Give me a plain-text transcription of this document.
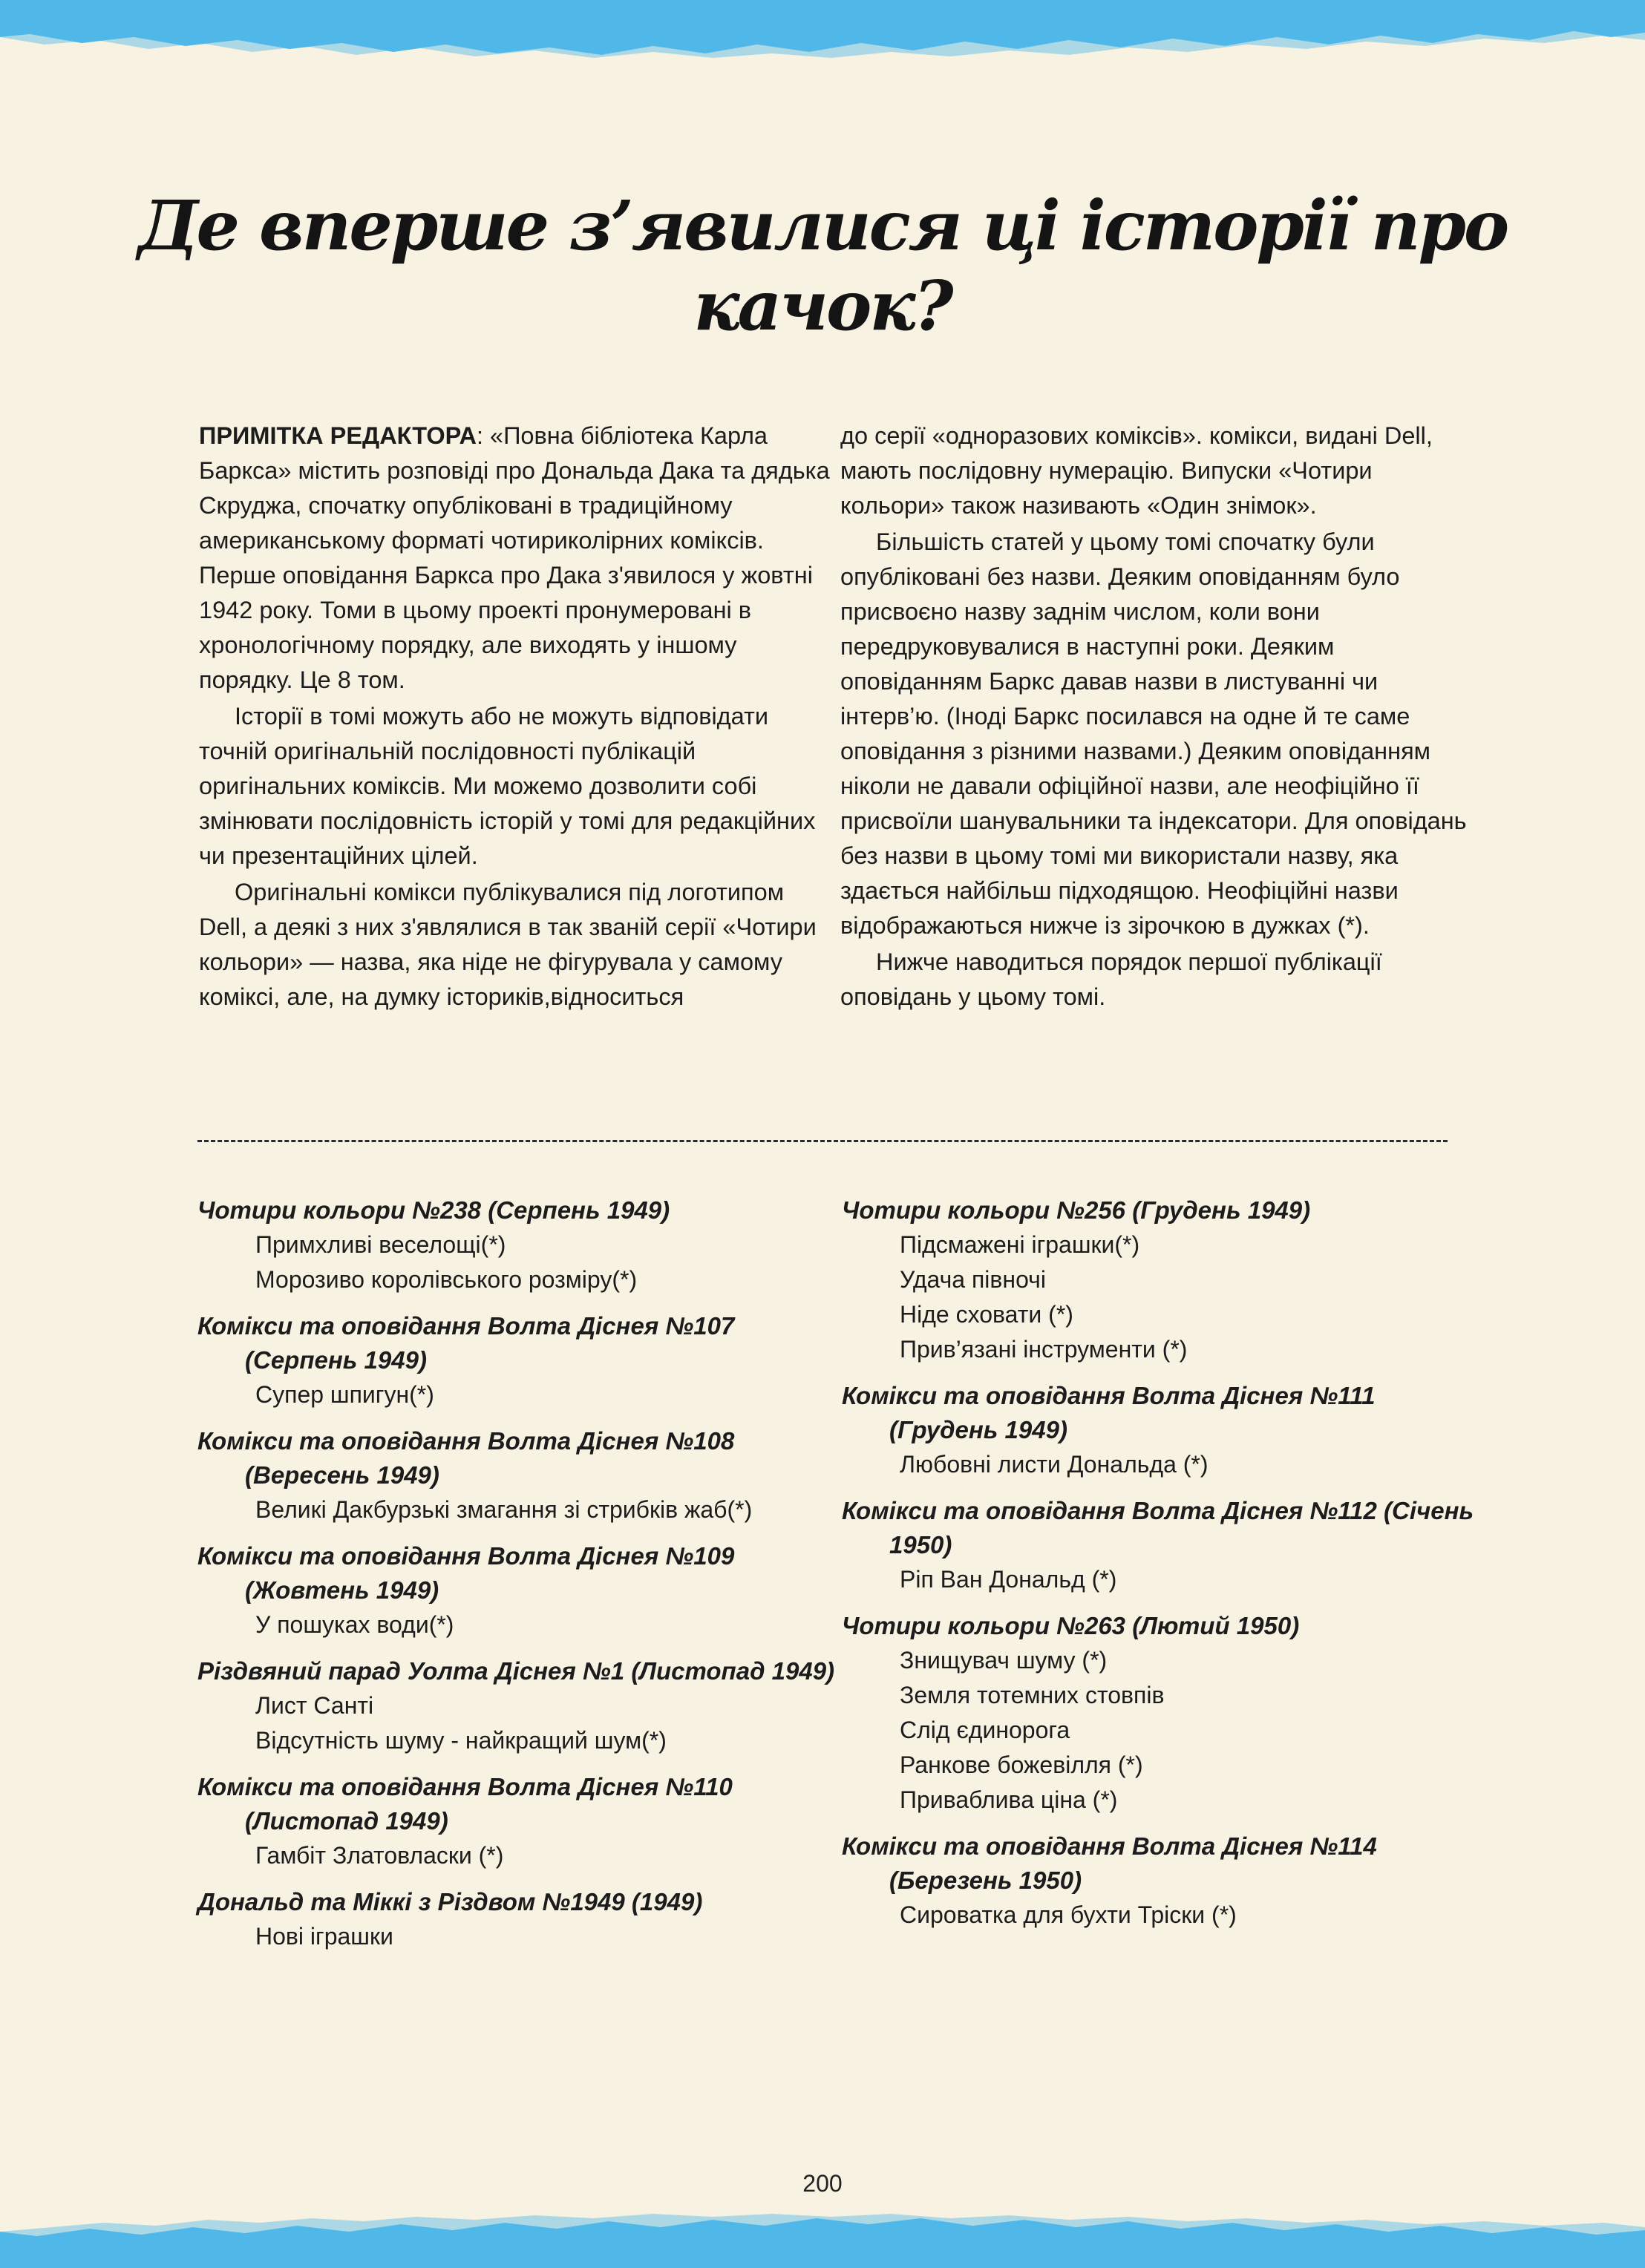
Де вперше з’явилися ці історії про качок?

ПРИМІТКА РЕДАКТОРА: «Повна бібліотека Карла Баркса» містить розповіді про Дональда Дака та дядька Скруджа, спочатку опубліковані в традиційному американському форматі чотириколірних коміксів. Перше оповідання Баркса про Дака з'явилося у жовтні 1942 року. Томи в цьому проекті пронумеровані в хронологічному порядку, але виходять у іншому порядку. Це 8 том.

Історії в томі можуть або не можуть відповідати точній оригінальній послідовності публікацій оригінальних коміксів. Ми можемо дозволити собі змінювати послідовність історій у томі для редакційних чи презентаційних цілей.

Оригінальні комікси публікувалися під логотипом Dell, а деякі з них з'являлися в так званій серії «Чотири кольори» — назва, яка ніде не фігурувала у самому коміксі, але, на думку істориків,відноситься

до серії «одноразових коміксів». комікси, видані Dell, мають послідовну нумерацію. Випуски «Чотири кольори» також називають «Один знімок».

Більшість статей у цьому томі спочатку були опубліковані без назви. Деяким оповіданням було присвоєно назву заднім числом, коли вони передруковувалися в наступні роки. Деяким оповіданням Баркс давав назви в листуванні чи інтерв’ю. (Іноді Баркс посилався на одне й те саме оповідання з різними назвами.) Деяким оповіданням ніколи не давали офіційної назви, але неофіційно її присвоїли шанувальники та індексатори. Для оповідань без назви в цьому томі ми використали назву, яка здається найбільш підходящою. Неофіційні назви відображаються нижче із зірочкою в дужках (*).

Нижче наводиться порядок першої публікації оповідань у цьому томі.

Чотири кольори №238 (Серпень 1949)
Примхливі веселощі(*)
Морозиво королівського розміру(*)
Комікси та оповідання Волта Діснея №107 (Серпень 1949)
Супер шпигун(*)
Комікси та оповідання Волта Діснея №108 (Вересень 1949)
Великі Дакбурзькі змагання зі стрибків жаб(*)
Комікси та оповідання Волта Діснея №109 (Жовтень 1949)
У пошуках води(*)
Різдвяний парад Уолта Діснея №1 (Листопад 1949)
Лист Санті
Відсутність шуму - найкращий шум(*)
Комікси та оповідання Волта Діснея №110 (Листопад 1949)
Гамбіт Златовласки (*)
Дональд та Міккі з Різдвом №1949 (1949)
Нові іграшки
Чотири кольори №256 (Грудень 1949)
Підсмажені іграшки(*)
Удача півночі
Ніде сховати (*)
Прив’язані інструменти (*)
Комікси та оповідання Волта Діснея №111 (Грудень 1949)
Любовні листи Дональда (*)
Комікси та оповідання Волта Діснея №112 (Січень 1950)
Ріп Ван Дональд (*)
Чотири кольори №263 (Лютий 1950)
Знищувач шуму (*)
Земля тотемних стовпів
Слід єдинорога
Ранкове божевілля (*)
Приваблива ціна (*)
Комікси та оповідання Волта Діснея №114 (Березень 1950)
Сироватка для бухти Тріски (*)
200
